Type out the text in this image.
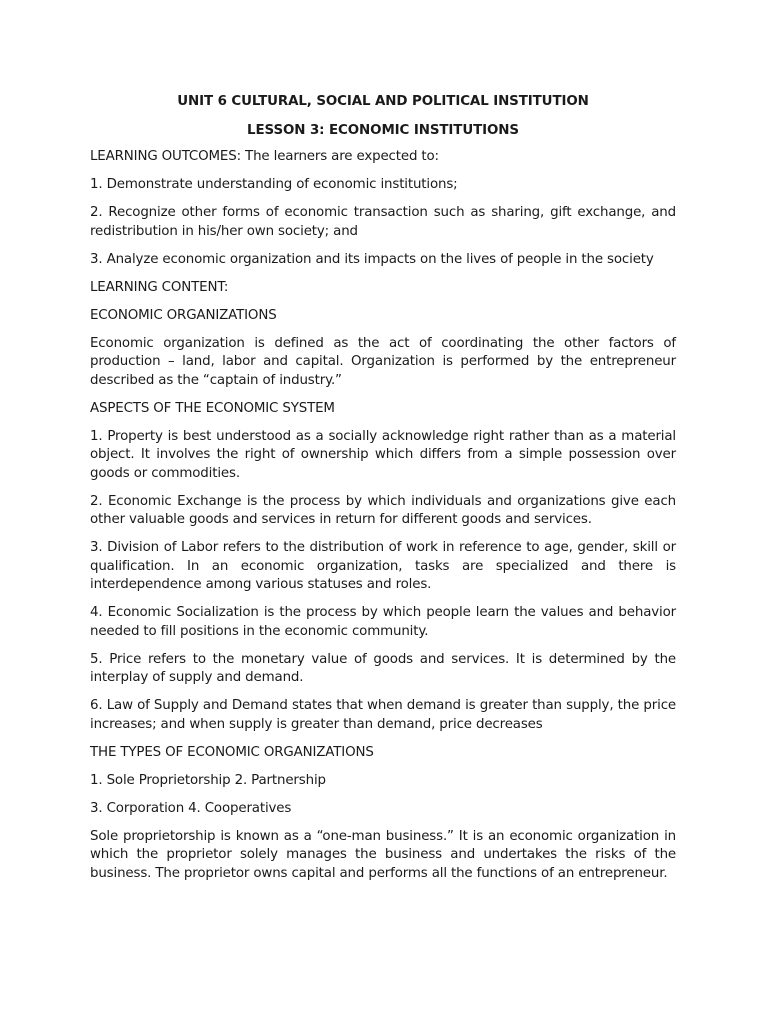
UNIT 6 CULTURAL, SOCIAL AND POLITICAL INSTITUTION
LESSON 3: ECONOMIC INSTITUTIONS

LEARNING OUTCOMES: The learners are expected to:

1. Demonstrate understanding of economic institutions;

2. Recognize other forms of economic transaction such as sharing, gift exchange, and redistribution in his/her own society; and

3. Analyze economic organization and its impacts on the lives of people in the society

LEARNING CONTENT:

ECONOMIC ORGANIZATIONS

Economic organization is defined as the act of coordinating the other factors of production – land, labor and capital. Organization is performed by the entrepreneur described as the “captain of industry.”

ASPECTS OF THE ECONOMIC SYSTEM

1. Property is best understood as a socially acknowledge right rather than as a material object. It involves the right of ownership which differs from a simple possession over goods or commodities.

2. Economic Exchange is the process by which individuals and organizations give each other valuable goods and services in return for different goods and services.

3. Division of Labor refers to the distribution of work in reference to age, gender, skill or qualification. In an economic organization, tasks are specialized and there is interdependence among various statuses and roles.

4. Economic Socialization is the process by which people learn the values and behavior needed to fill positions in the economic community.

5. Price refers to the monetary value of goods and services. It is determined by the interplay of supply and demand.

6. Law of Supply and Demand states that when demand is greater than supply, the price increases; and when supply is greater than demand, price decreases

THE TYPES OF ECONOMIC ORGANIZATIONS

1. Sole Proprietorship 2. Partnership

3. Corporation 4. Cooperatives

Sole proprietorship is known as a “one-man business.” It is an economic organization in which the proprietor solely manages the business and undertakes the risks of the business. The proprietor owns capital and performs all the functions of an entrepreneur.
